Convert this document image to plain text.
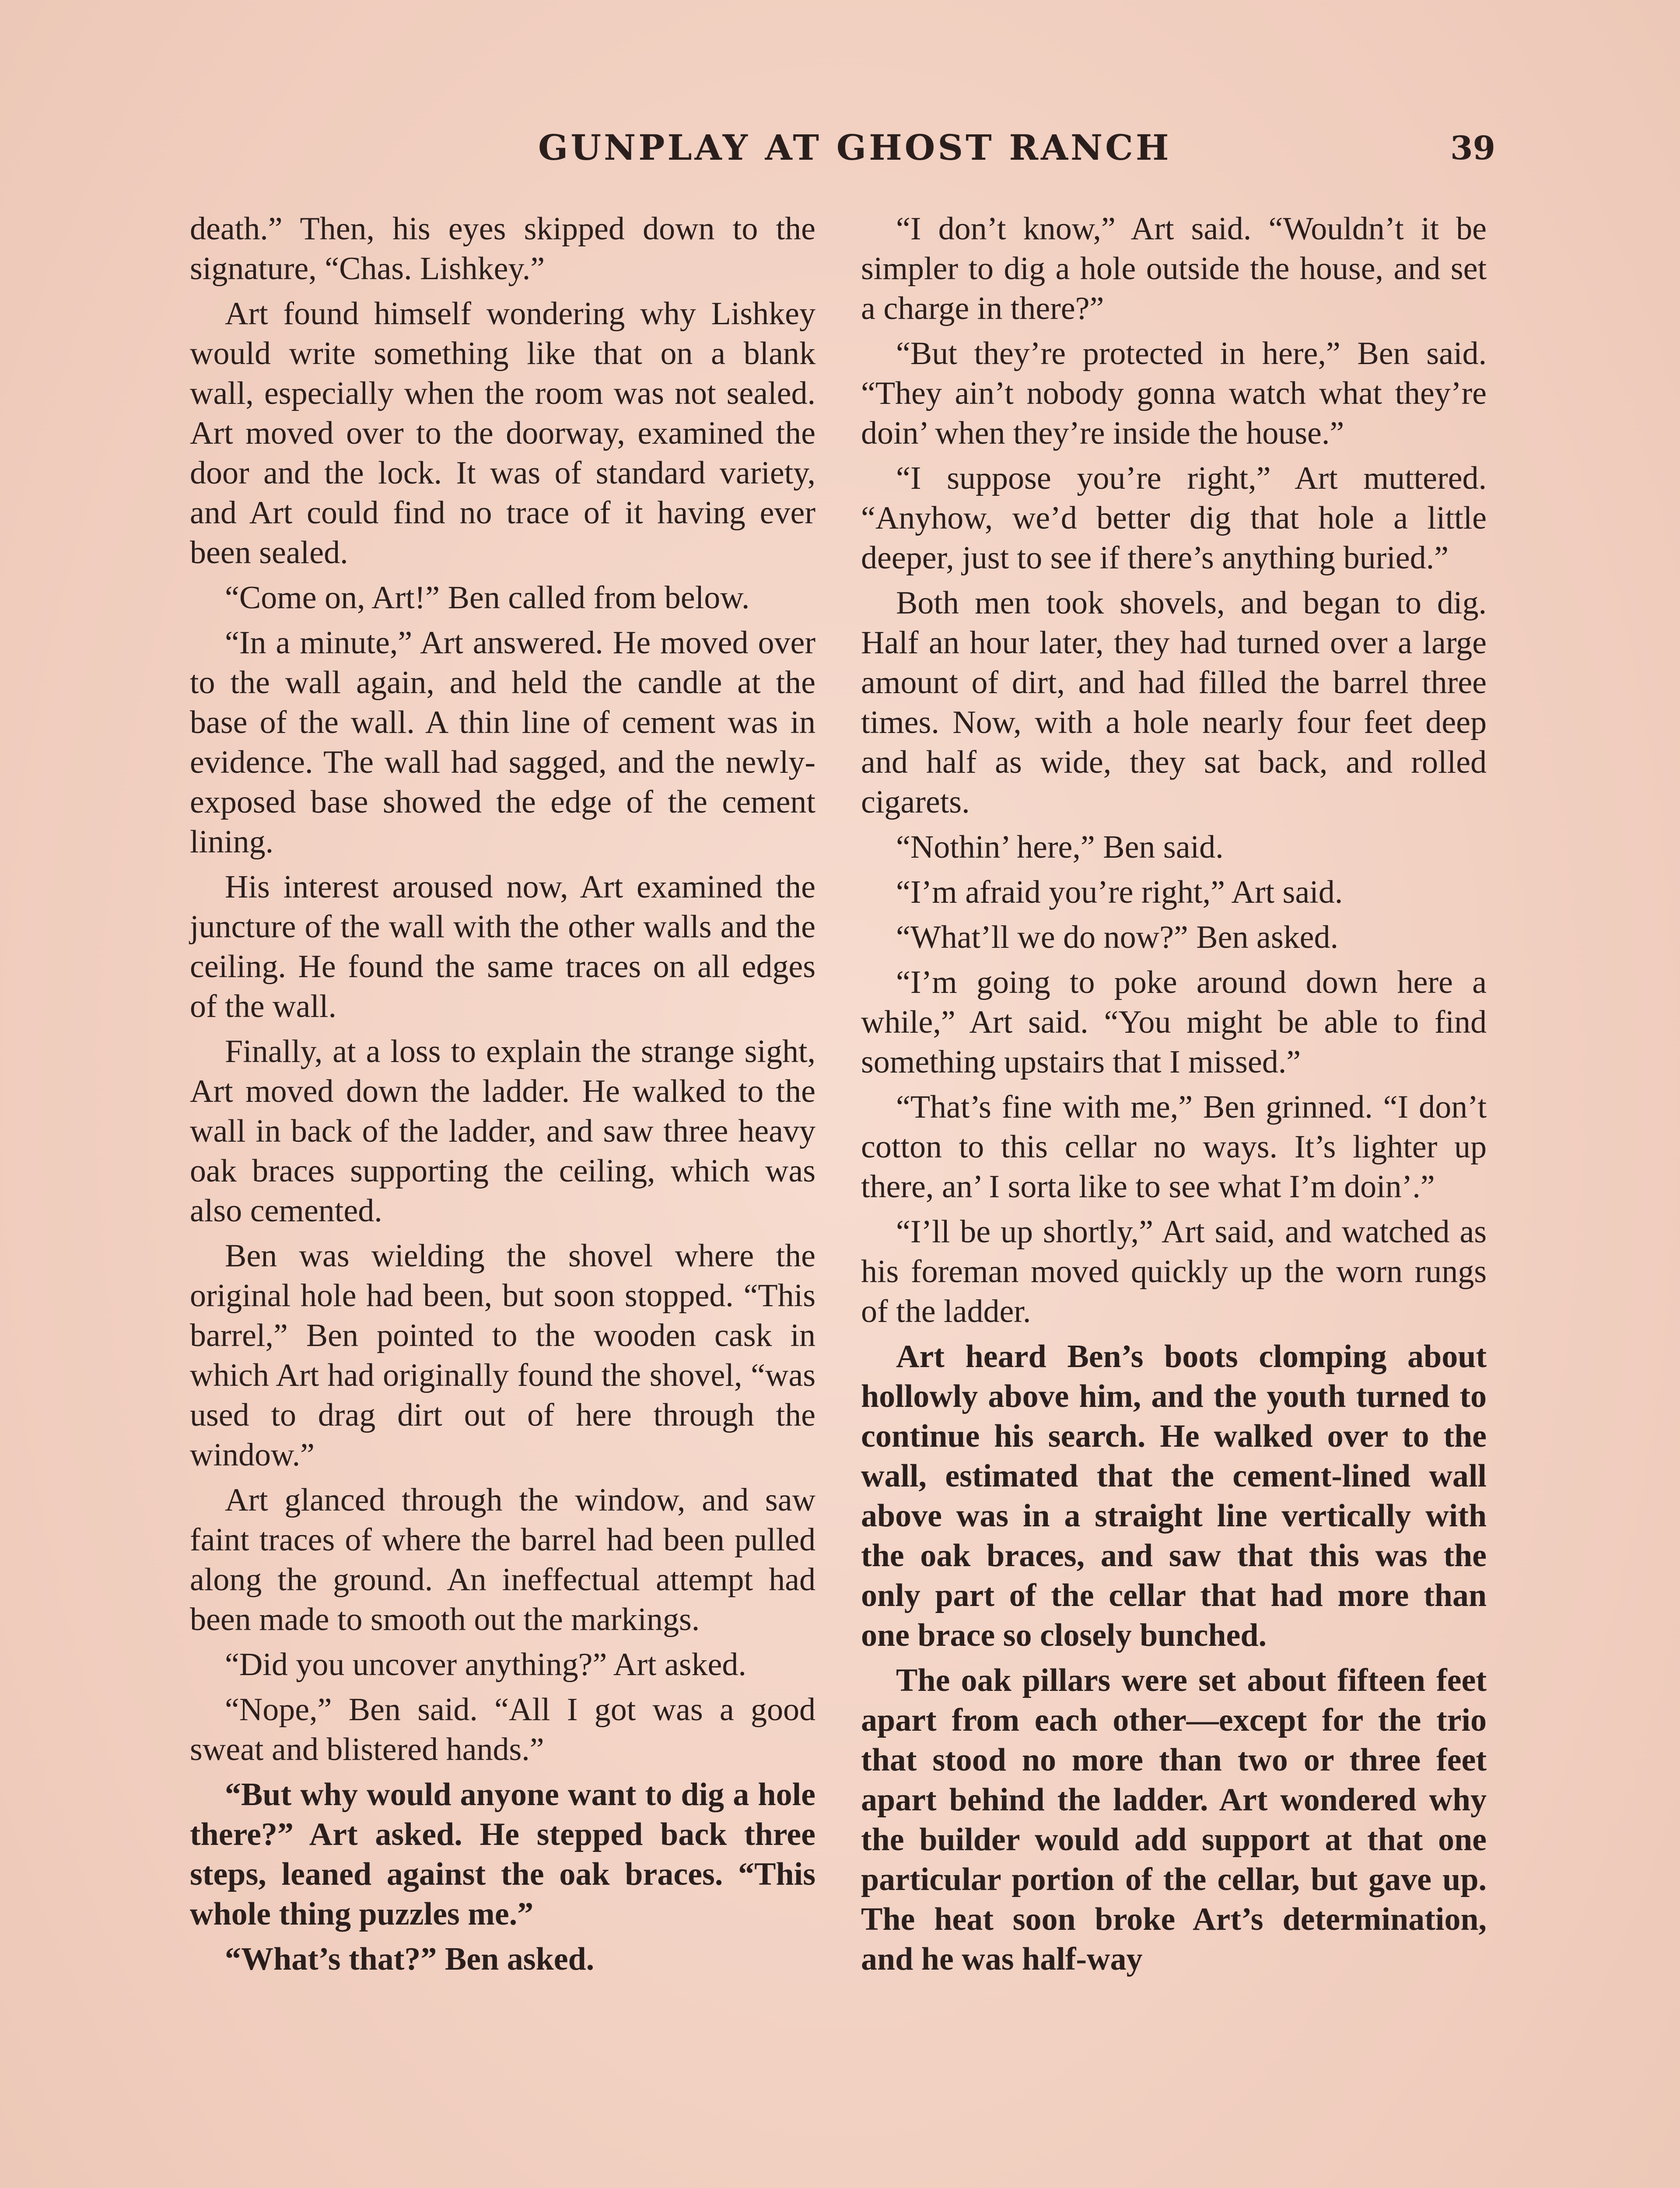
GUNPLAY AT GHOST RANCH	39

death.” Then, his eyes skipped down to the signature, “Chas. Lishkey.”

Art found himself wondering why Lishkey would write something like that on a blank wall, especially when the room was not sealed. Art moved over to the doorway, examined the door and the lock. It was of standard variety, and Art could find no trace of it having ever been sealed.

“Come on, Art!” Ben called from below.

“In a minute,” Art answered. He moved over to the wall again, and held the candle at the base of the wall. A thin line of cement was in evidence. The wall had sagged, and the newly-exposed base showed the edge of the cement lining.

His interest aroused now, Art examined the juncture of the wall with the other walls and the ceiling. He found the same traces on all edges of the wall.

Finally, at a loss to explain the strange sight, Art moved down the ladder. He walked to the wall in back of the ladder, and saw three heavy oak braces supporting the ceiling, which was also cemented.

Ben was wielding the shovel where the original hole had been, but soon stopped. “This barrel,” Ben pointed to the wooden cask in which Art had originally found the shovel, “was used to drag dirt out of here through the window.”

Art glanced through the window, and saw faint traces of where the barrel had been pulled along the ground. An ineffectual attempt had been made to smooth out the markings.

“Did you uncover anything?” Art asked.

“Nope,” Ben said. “All I got was a good sweat and blistered hands.”

“But why would anyone want to dig a hole there?” Art asked. He stepped back three steps, leaned against the oak braces. “This whole thing puzzles me.”

“What’s that?” Ben asked.

“I don’t know,” Art said. “Wouldn’t it be simpler to dig a hole outside the house, and set a charge in there?”

“But they’re protected in here,” Ben said. “They ain’t nobody gonna watch what they’re doin’ when they’re inside the house.”

“I suppose you’re right,” Art muttered. “Anyhow, we’d better dig that hole a little deeper, just to see if there’s anything buried.”

Both men took shovels, and began to dig. Half an hour later, they had turned over a large amount of dirt, and had filled the barrel three times. Now, with a hole nearly four feet deep and half as wide, they sat back, and rolled cigarets.

“Nothin’ here,” Ben said.

“I’m afraid you’re right,” Art said.

“What’ll we do now?” Ben asked.

“I’m going to poke around down here a while,” Art said. “You might be able to find something upstairs that I missed.”

“That’s fine with me,” Ben grinned. “I don’t cotton to this cellar no ways. It’s lighter up there, an’ I sorta like to see what I’m doin’.”

“I’ll be up shortly,” Art said, and watched as his foreman moved quickly up the worn rungs of the ladder.

Art heard Ben’s boots clomping about hollowly above him, and the youth turned to continue his search. He walked over to the wall, estimated that the cement-lined wall above was in a straight line vertically with the oak braces, and saw that this was the only part of the cellar that had more than one brace so closely bunched.

The oak pillars were set about fifteen feet apart from each other—except for the trio that stood no more than two or three feet apart behind the ladder. Art wondered why the builder would add support at that one particular portion of the cellar, but gave up. The heat soon broke Art’s determination, and he was half-way
